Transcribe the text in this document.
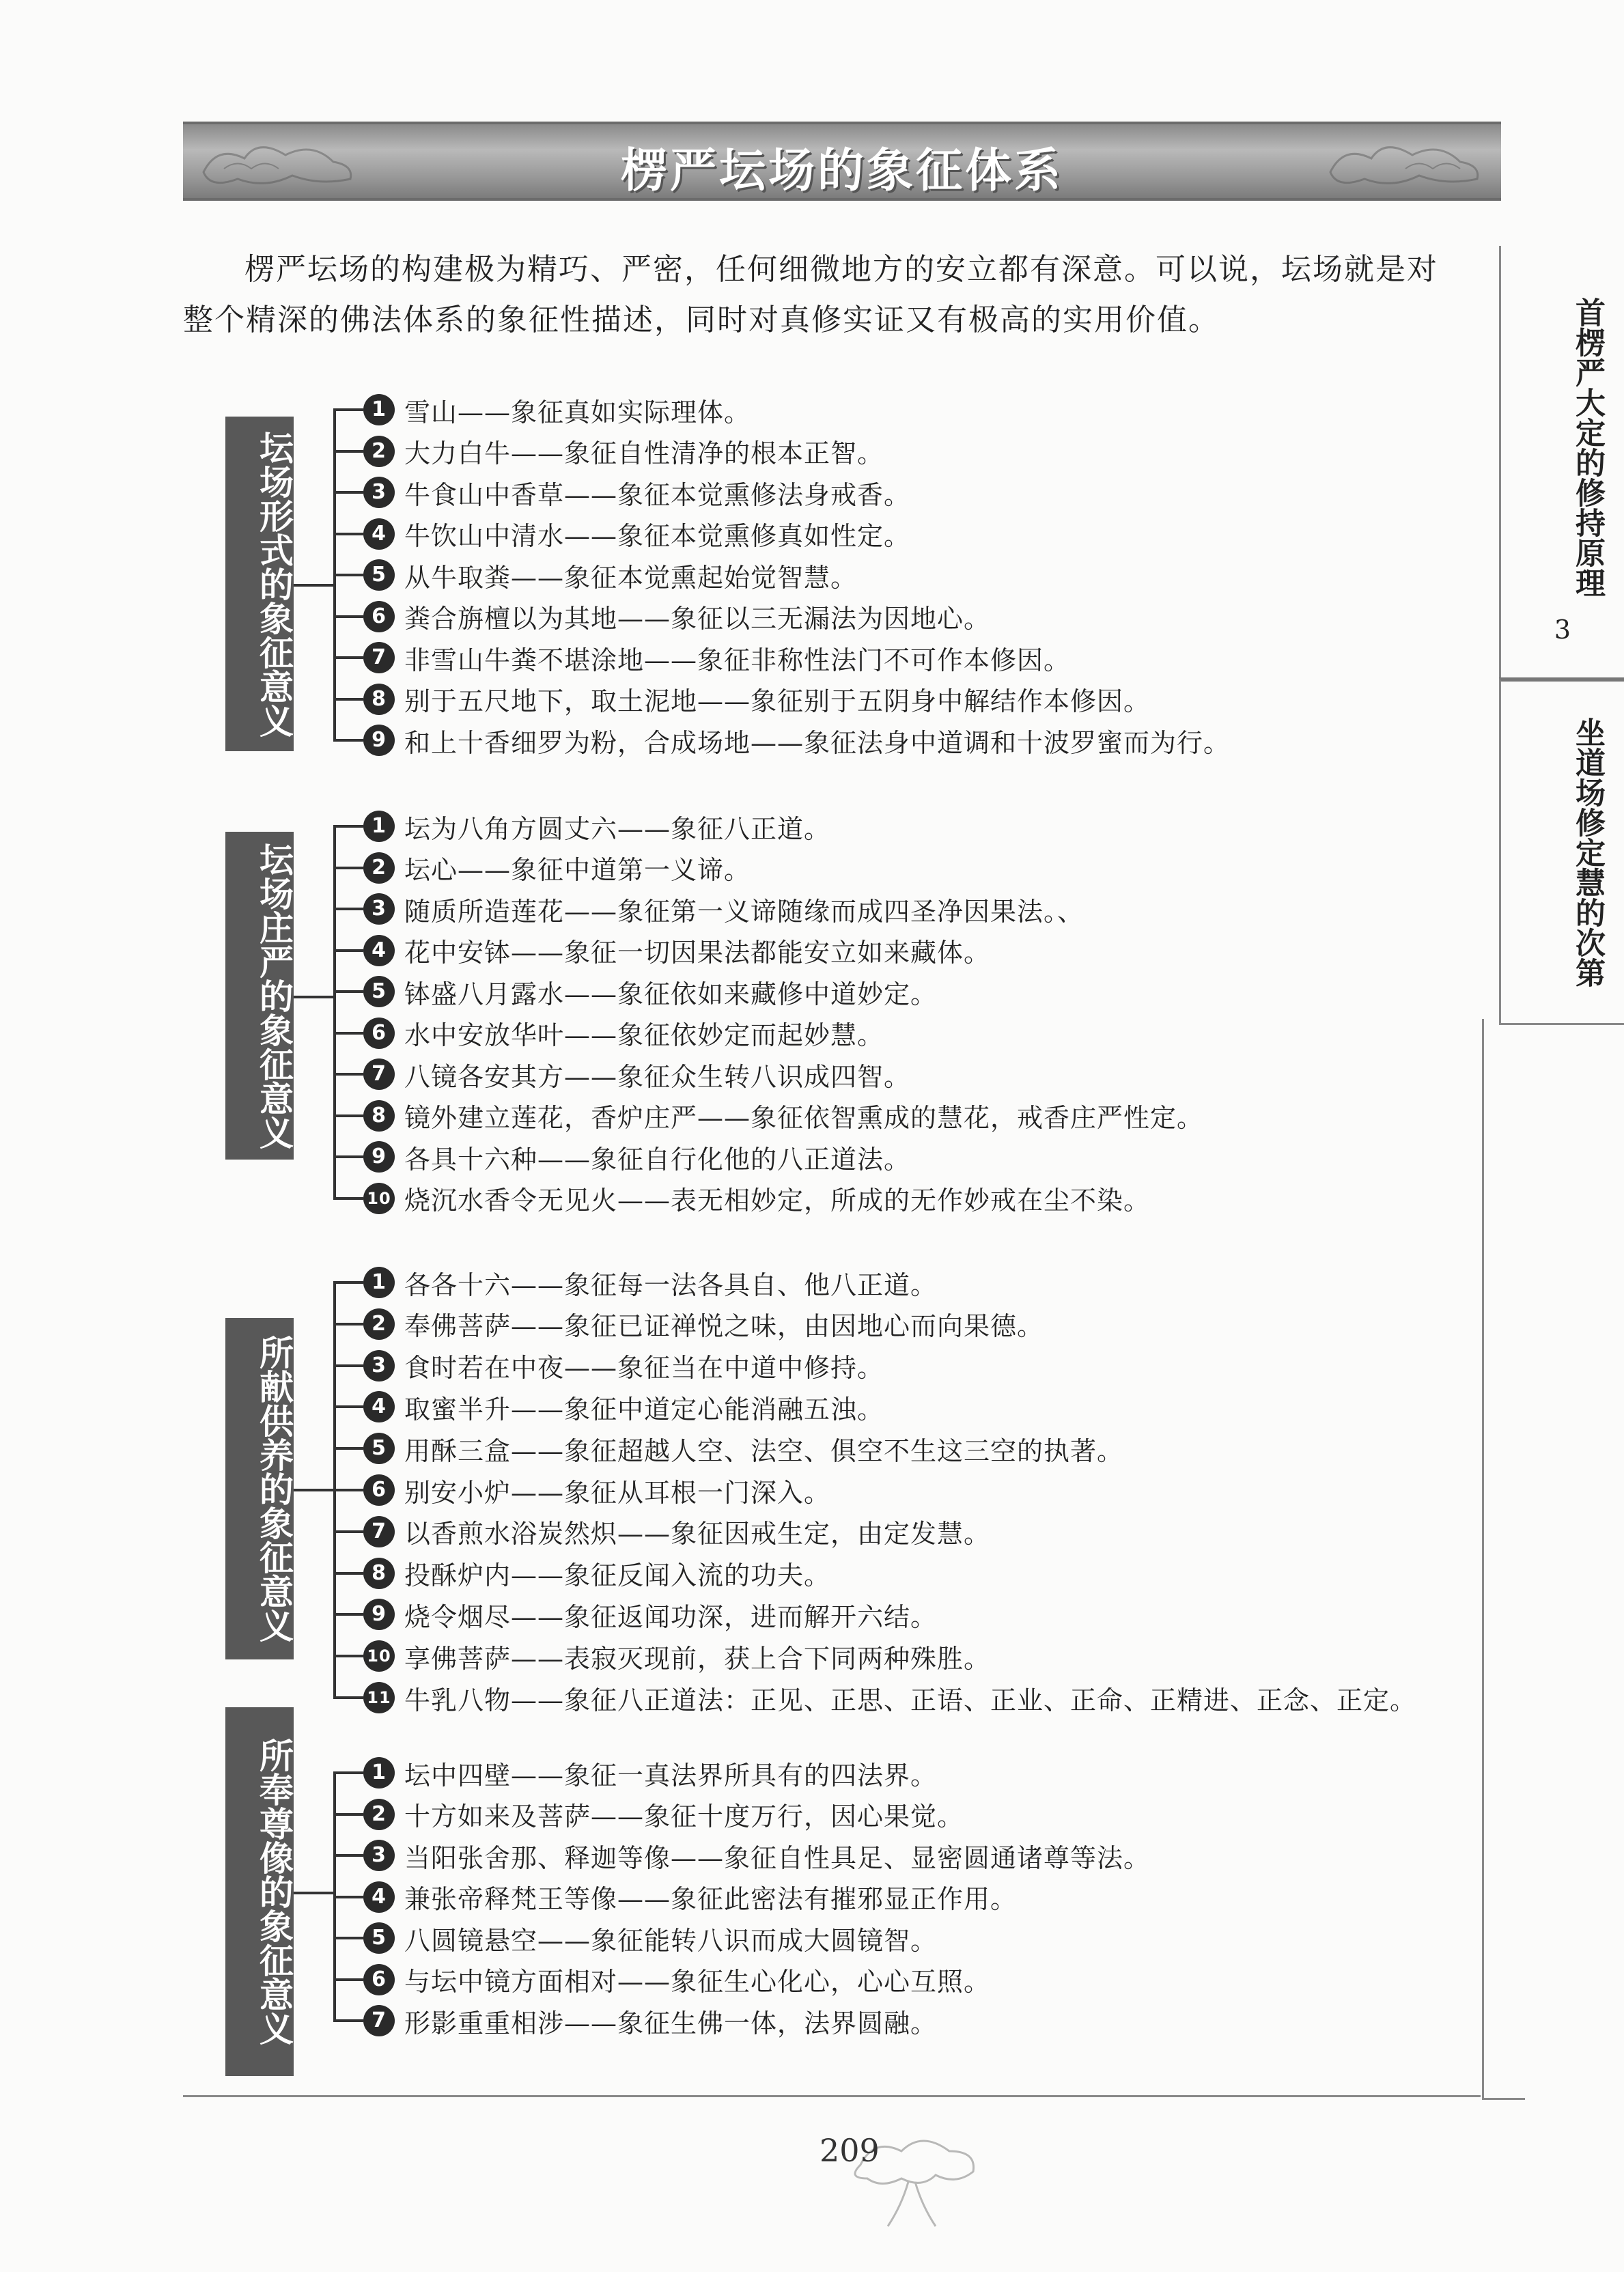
楞严坛场的象征体系
楞严坛场的构建极为精巧、严密，任何细微地方的安立都有深意。可以说，坛场就是对整个精深的佛法体系的象征性描述，同时对真修实证又有极高的实用价值。	首楞严大定的修持原理
3
坐道场修定慧的次第
坛场形式的象征意义
1 雪山——象征真如实际理体。
2 大力白牛——象征自性清净的根本正智。
3 牛食山中香草——象征本觉熏修法身戒香。
4 牛饮山中清水——象征本觉熏修真如性定。
5 从牛取粪——象征本觉熏起始觉智慧。
6 粪合旃檀以为其地——象征以三无漏法为因地心。
7 非雪山牛粪不堪涂地——象征非称性法门不可作本修因。
8 别于五尺地下，取土泥地——象征别于五阴身中解结作本修因。
9 和上十香细罗为粉，合成场地——象征法身中道调和十波罗蜜而为行。
坛场庄严的象征意义
1 坛为八角方圆丈六——象征八正道。
2 坛心——象征中道第一义谛。
3 随质所造莲花——象征第一义谛随缘而成四圣净因果法。、
4 花中安钵——象征一切因果法都能安立如来藏体。
5 钵盛八月露水——象征依如来藏修中道妙定。
6 水中安放华叶——象征依妙定而起妙慧。
7 八镜各安其方——象征众生转八识成四智。
8 镜外建立莲花，香炉庄严——象征依智熏成的慧花，戒香庄严性定。
9 各具十六种——象征自行化他的八正道法。
10 烧沉水香令无见火——表无相妙定，所成的无作妙戒在尘不染。
所献供养的象征意义
1 各各十六——象征每一法各具自、他八正道。
2 奉佛菩萨——象征已证禅悦之味，由因地心而向果德。
3 食时若在中夜——象征当在中道中修持。
4 取蜜半升——象征中道定心能消融五浊。
5 用酥三盒——象征超越人空、法空、俱空不生这三空的执著。
6 别安小炉——象征从耳根一门深入。
7 以香煎水浴炭然炽——象征因戒生定，由定发慧。
8 投酥炉内——象征反闻入流的功夫。
9 烧令烟尽——象征返闻功深，进而解开六结。
10 享佛菩萨——表寂灭现前，获上合下同两种殊胜。
11 牛乳八物——象征八正道法：正见、正思、正语、正业、正命、正精进、正念、正定。
所奉尊像的象征意义	1 坛中四壁——象征一真法界所具有的四法界。
2 十方如来及菩萨——象征十度万行，因心果觉。
3 当阳张舍那、释迦等像——象征自性具足、显密圆通诸尊等法。
4 兼张帝释梵王等像——象征此密法有摧邪显正作用。
5 八圆镜悬空——象征能转八识而成大圆镜智。
6 与坛中镜方面相对——象征生心化心，心心互照。
7 形影重重相涉——象征生佛一体，法界圆融。
209
